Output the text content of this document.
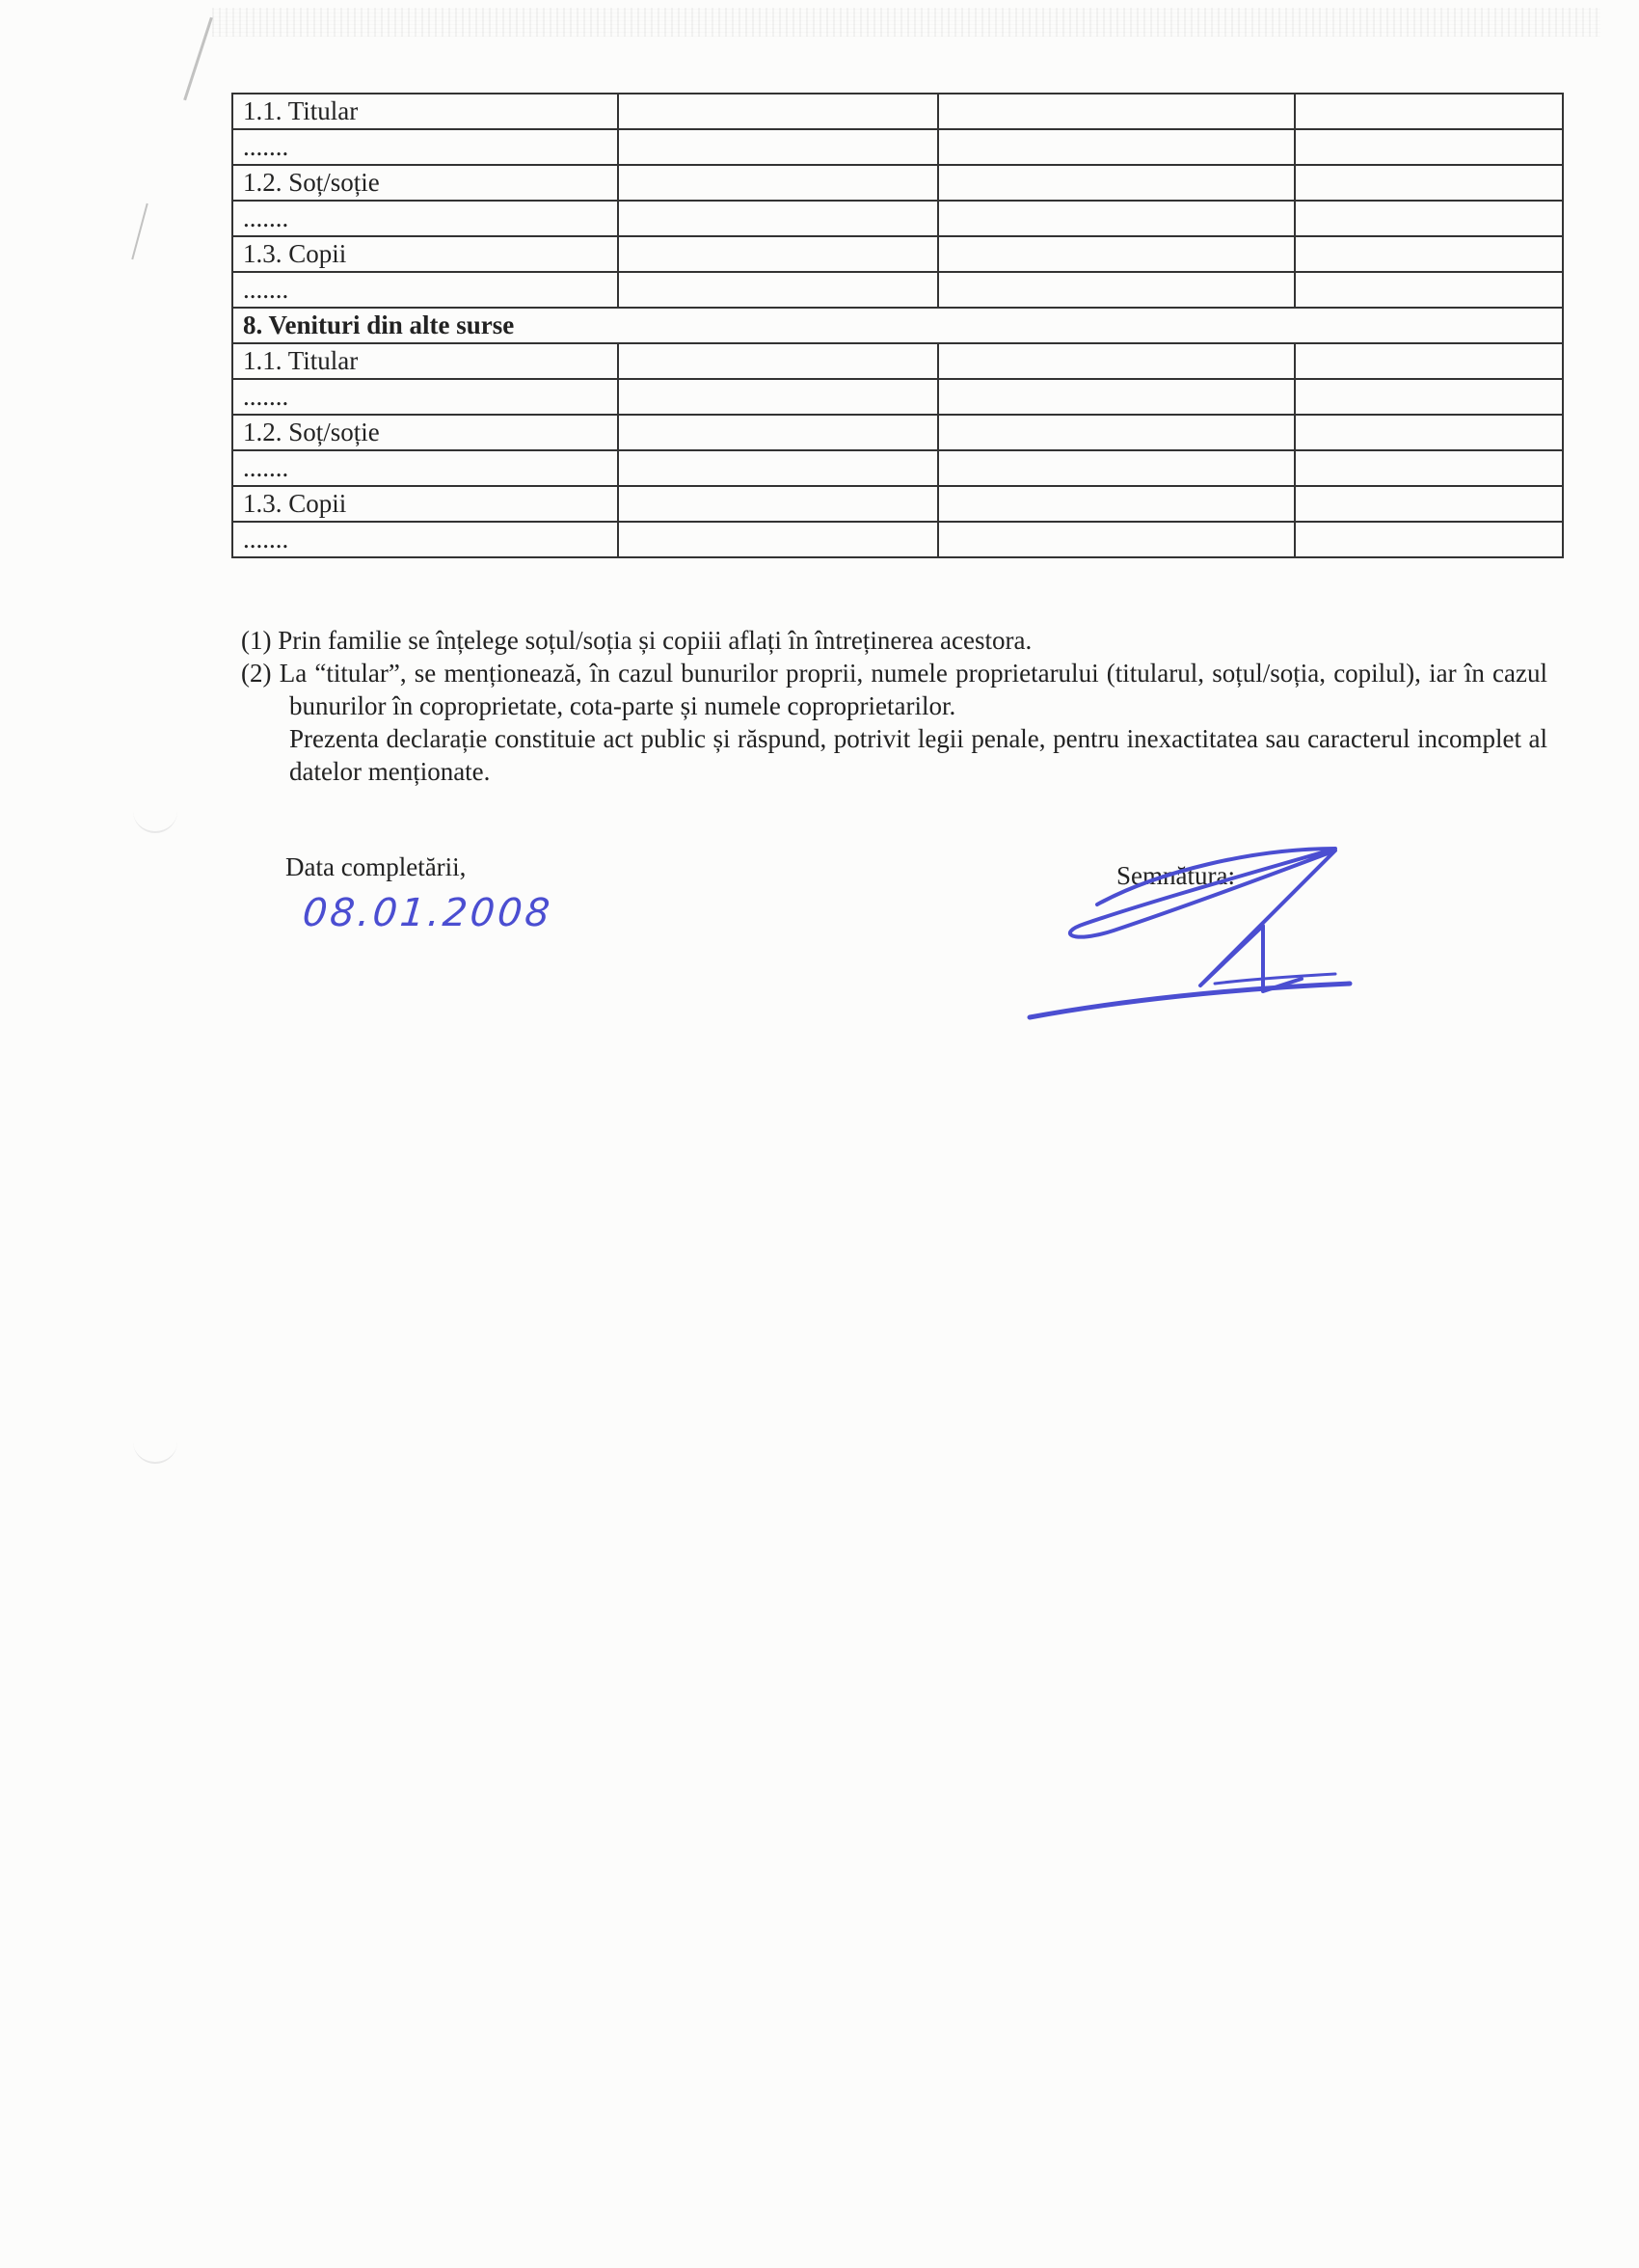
1.1. Titular			
.......			
1.2. Soț/soție			
.......			
1.3. Copii			
.......			
8. Venituri din alte surse			
1.1. Titular			
.......			
1.2. Soț/soție			
.......			
1.3. Copii			
.......			

(1) Prin familie se înțelege soțul/soția și copiii aflați în întreținerea acestora.

(2) La “titular”, se menționează, în cazul bunurilor proprii, numele proprietarului (titularul, soțul/soția, copilul), iar în cazul bunurilor în coproprietate, cota-parte și numele coproprietarilor.

Prezenta declarație constituie act public și răspund, potrivit legii penale, pentru inexactitatea sau caracterul incomplet al datelor menționate.

Data completării,
08.01.2008
Semnătura:
